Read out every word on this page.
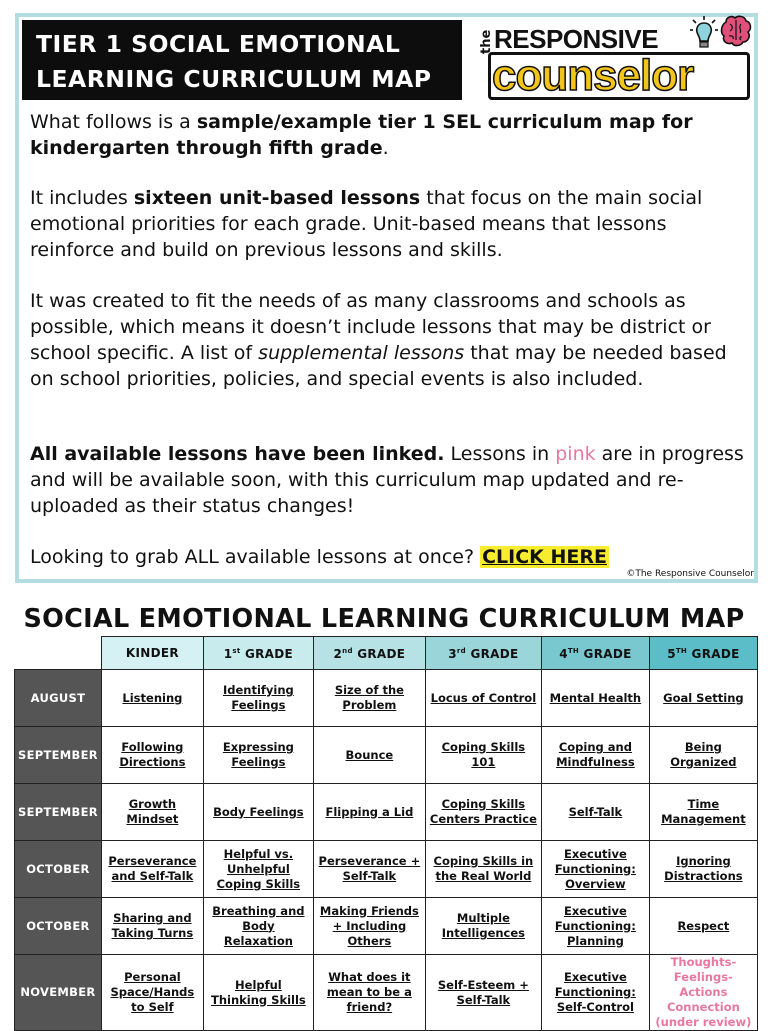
TIER 1 SOCIAL EMOTIONAL
LEARNING CURRICULUM MAP
the RESPONSIVE
counselor
What follows is a sample/example tier 1 SEL curriculum map for kindergarten through fifth grade.
It includes sixteen unit-based lessons that focus on the main social emotional priorities for each grade. Unit-based means that lessons reinforce and build on previous lessons and skills.
It was created to fit the needs of as many classrooms and schools as possible, which means it doesn’t include lessons that may be district or school specific. A list of supplemental lessons that may be needed based on school priorities, policies, and special events is also included.
All available lessons have been linked. Lessons in pink are in progress and will be available soon, with this curriculum map updated and re-uploaded as their status changes!
Looking to grab ALL available lessons at once? CLICK HERE
©The Responsive Counselor
SOCIAL EMOTIONAL LEARNING CURRICULUM MAP
	KINDER	1st GRADE	2nd GRADE	3rd GRADE	4TH GRADE	5TH GRADE
AUGUST	Listening	Identifying Feelings	Size of the Problem	Locus of Control	Mental Health	Goal Setting
SEPTEMBER	Following Directions	Expressing Feelings	Bounce	Coping Skills 101	Coping and Mindfulness	Being Organized
SEPTEMBER	Growth Mindset	Body Feelings	Flipping a Lid	Coping Skills Centers Practice	Self-Talk	Time Management
OCTOBER	Perseverance and Self-Talk	Helpful vs. Unhelpful Coping Skills	Perseverance + Self-Talk	Coping Skills in the Real World	Executive Functioning: Overview	Ignoring Distractions
OCTOBER	Sharing and Taking Turns	Breathing and Body Relaxation	Making Friends + Including Others	Multiple Intelligences	Executive Functioning: Planning	Respect
NOVEMBER	Personal Space/Hands to Self	Helpful Thinking Skills	What does it mean to be a friend?	Self-Esteem + Self-Talk	Executive Functioning: Self-Control	Thoughts-Feelings-Actions Connection (under review)
